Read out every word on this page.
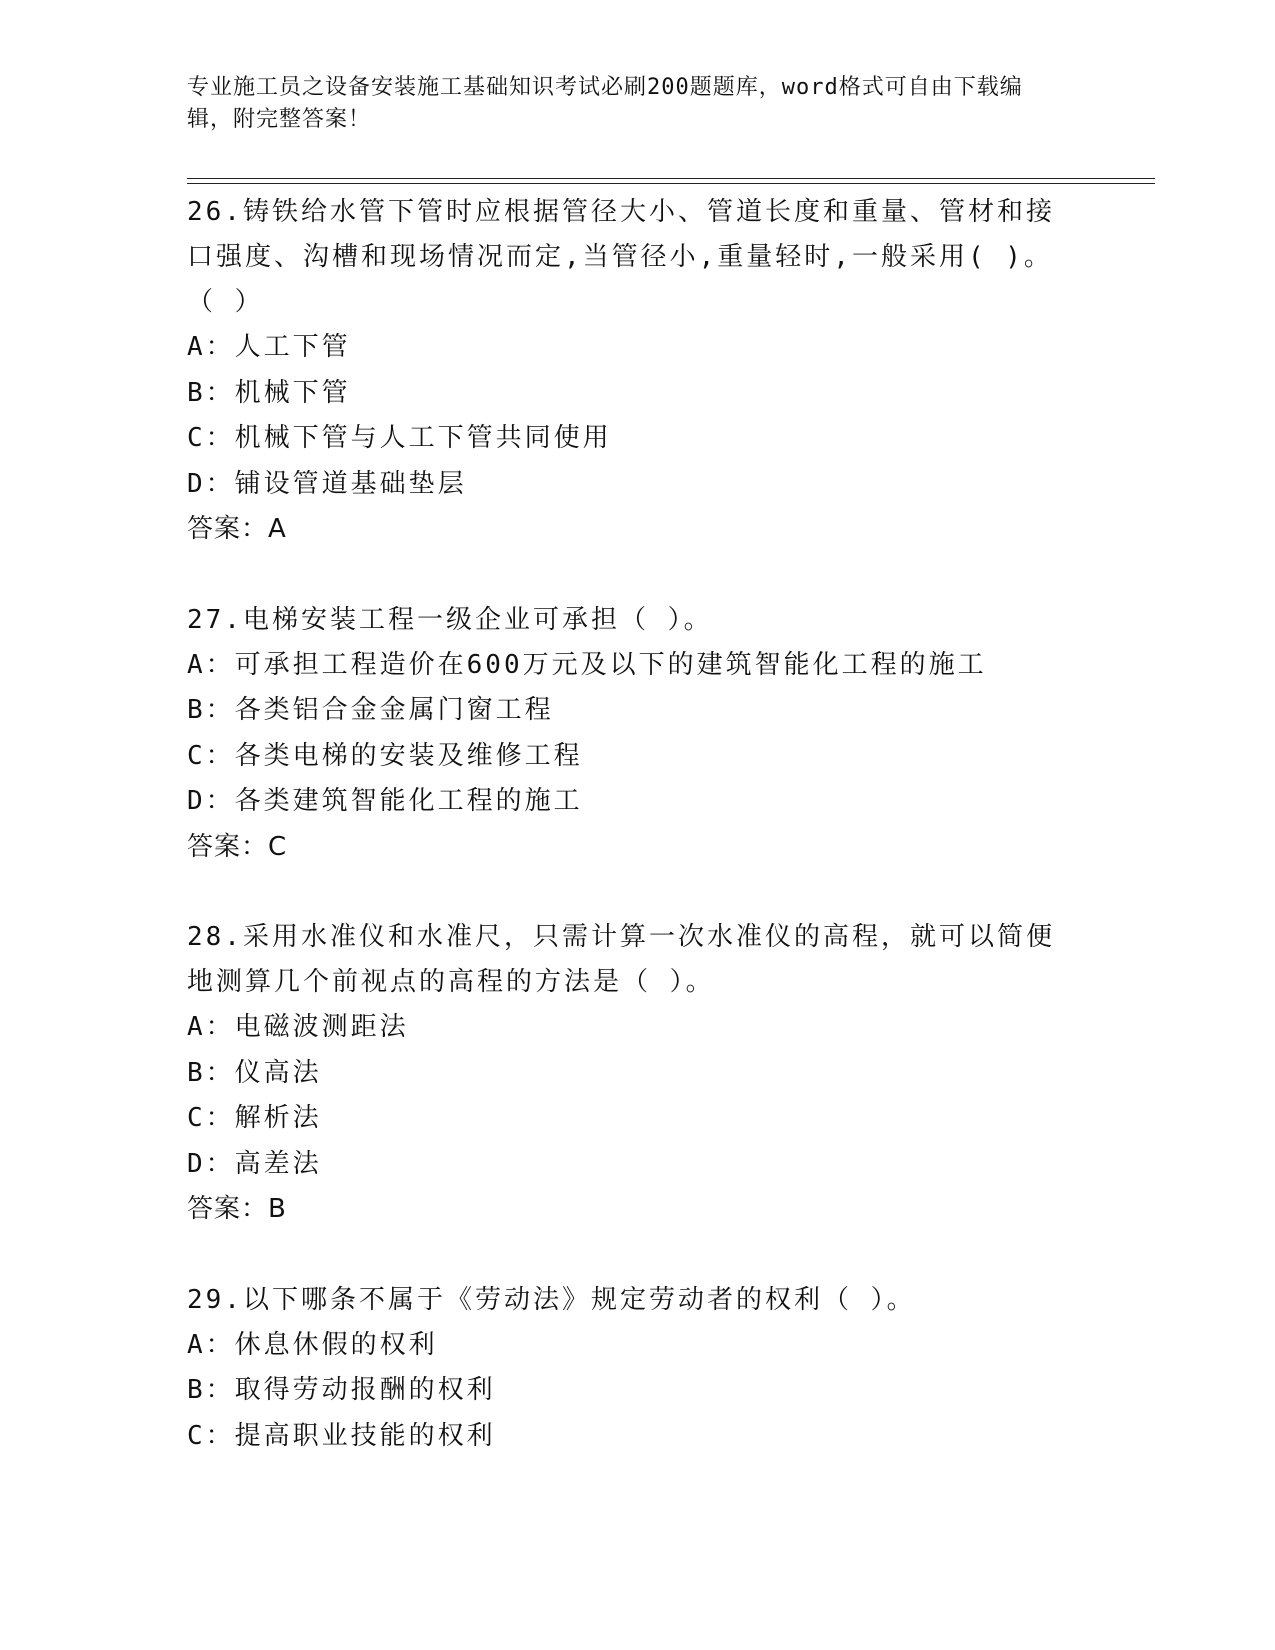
专业施工员之设备安装施工基础知识考试必刷200题题库，word格式可自由下载编辑，附完整答案！
26.铸铁给水管下管时应根据管径大小、管道长度和重量、管材和接口强度、沟槽和现场情况而定,当管径小,重量轻时,一般采用( )。（ ）
A：人工下管
B：机械下管
C：机械下管与人工下管共同使用
D：铺设管道基础垫层
答案：A
27.电梯安装工程一级企业可承担（ ）。
A：可承担工程造价在600万元及以下的建筑智能化工程的施工
B：各类铝合金金属门窗工程
C：各类电梯的安装及维修工程
D：各类建筑智能化工程的施工
答案：C
28.采用水准仪和水准尺，只需计算一次水准仪的高程，就可以简便地测算几个前视点的高程的方法是（ ）。
A：电磁波测距法
B：仪高法
C：解析法
D：高差法
答案：B
29.以下哪条不属于《劳动法》规定劳动者的权利（ ）。
A：休息休假的权利
B：取得劳动报酬的权利
C：提高职业技能的权利
